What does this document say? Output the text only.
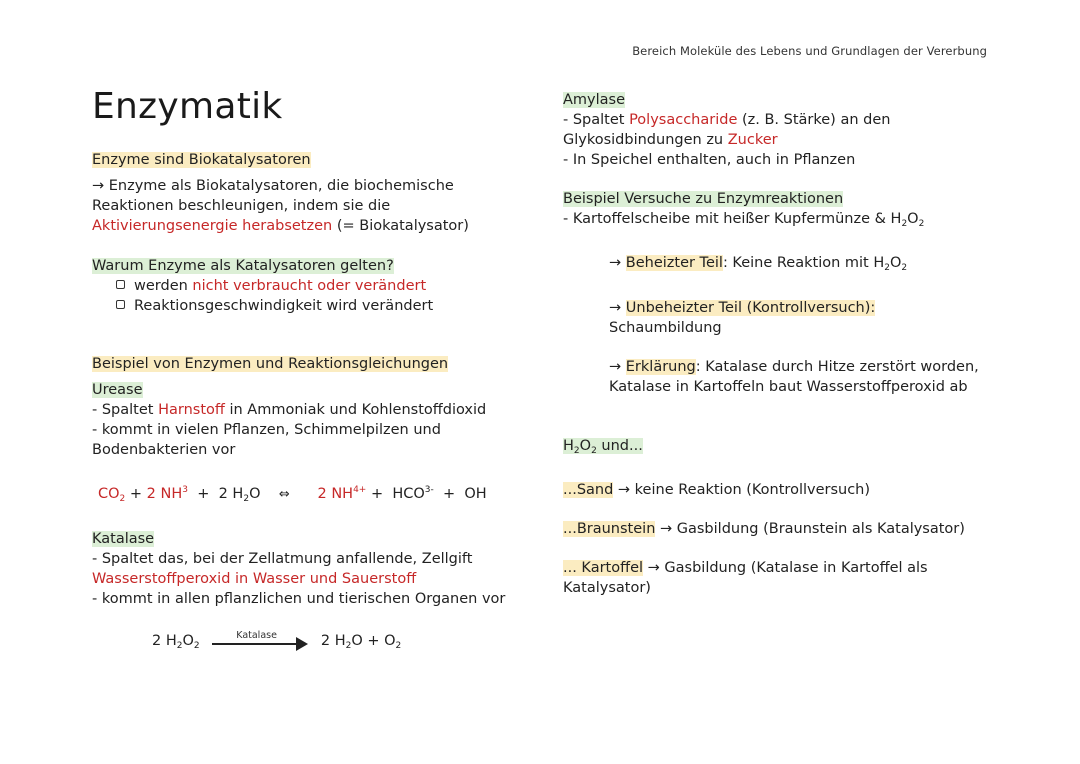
Bereich Moleküle des Lebens und Grundlagen der Vererbung
Enzymatik

Enzyme sind Biokatalysatoren

→ Enzyme als Biokatalysatoren, die biochemische Reaktionen beschleunigen, indem sie die Aktivierungsenergie herabsetzen (= Biokatalysator)

Warum Enzyme als Katalysatoren gelten?

werden nicht verbraucht oder verändert

Reaktionsgeschwindigkeit wird verändert

Beispiel von Enzymen und Reaktionsgleichungen

Urease

- Spaltet Harnstoff in Ammoniak und Kohlenstoffdioxid

- kommt in vielen Pflanzen, Schimmelpilzen und Bodenbakterien vor

$CO_2 + 2$ $NH^3 + 2$ $H_2O$ ⇔ 2 $NH^{4+} + HCO^{3-}$ + OH

Katalase

- Spaltet das, bei der Zellatmung anfallende, Zellgift Wasserstoffperoxid in Wasser und Sauerstoff

- kommt in allen pflanzlichen und tierischen Organen vor

2 $H_2O_2$
Katalase	2 $H_2O + O_2$

Amylase

- Spaltet Polysaccharide (z. B. Stärke) an den Glykosidbindungen zu Zucker

- In Speichel enthalten, auch in Pflanzen

Beispiel Versuche zu Enzymreaktionen

- Kartoffelscheibe mit heißer Kupfermünze & $H_2O_2$

→ Beheizter Teil: Keine Reaktion mit $H_2O_2$

→ Unbeheizter Teil (Kontrollversuch):
Schaumbildung

→ Erklärung: Katalase durch Hitze zerstört worden, Katalase in Kartoffeln baut Wasserstoffperoxid ab

$H_2O_2$ und...

...Sand → keine Reaktion (Kontrollversuch)

...Braunstein → Gasbildung (Braunstein als Katalysator)

... Kartoffel → Gasbildung (Katalase in Kartoffel als Katalysator)
